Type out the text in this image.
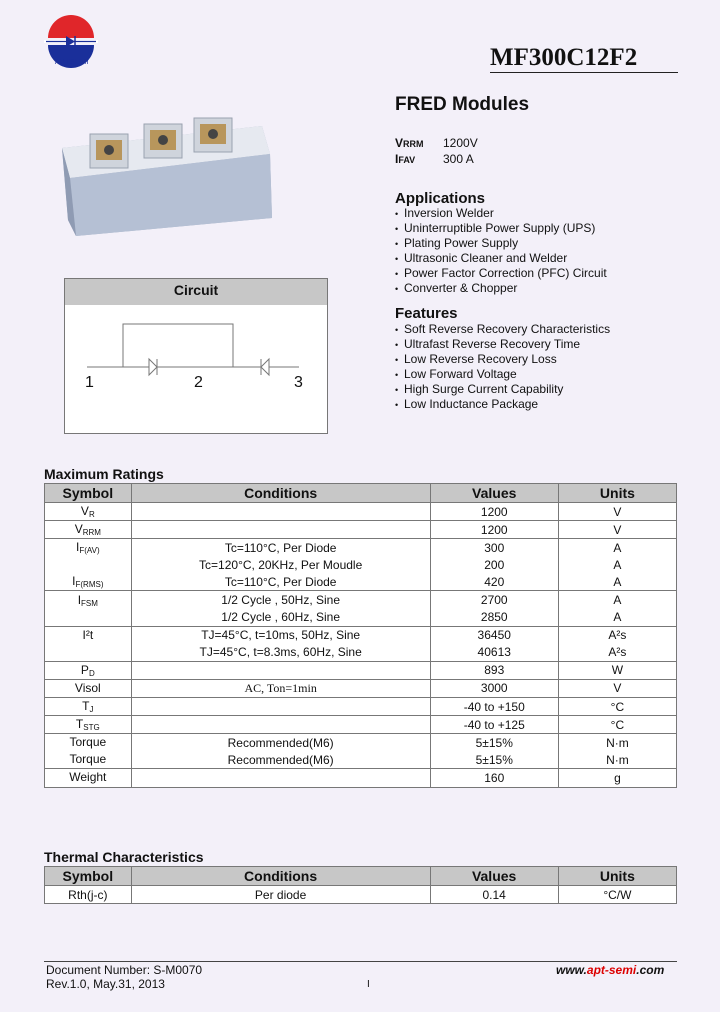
APTSEMI	MF300C12F2
FRED Modules
VRRM 1200V
IFAV 300 A
Applications
• Inversion Welder
• Uninterruptible Power Supply (UPS)
• Plating Power Supply
• Ultrasonic Cleaner and Welder
• Power Factor Correction (PFC) Circuit
• Converter & Chopper
Features
• Soft Reverse Recovery Characteristics
• Ultrafast Reverse Recovery Time
• Low Reverse Recovery Loss
• Low Forward Voltage
• High Surge Current Capability
• Low Inductance Package
Circuit
1	2	3
Maximum Ratings
Symbol	Conditions	Values	Units
$V_R$		1200	V
$V_{RRM}$		1200	V
$I_{F(AV)}$	Tc=110°C, Per Diode	300	A
	Tc=120°C, 20KHz, Per Moudle	200	A
$I_{F(RMS)}$	Tc=110°C, Per Diode	420	A
$I_{FSM}$	1/2 Cycle , 50Hz, Sine	2700	A
	1/2 Cycle , 60Hz, Sine	2850	A
I²t	TJ=45°C, t=10ms, 50Hz, Sine	36450	A²s
	TJ=45°C, t=8.3ms, 60Hz, Sine	40613	A²s
$P_D$		893	W
Visol	AC, Ton=1min	3000	V
$T_J$		-40 to +150	°C
$T_{STG}$		-40 to +125	°C
Torque	Recommended(M6)	5±15%	N·m
Torque	Recommended(M6)	5±15%	N·m
Weight		160	g
Thermal Characteristics
Symbol	Conditions	Values	Units
Rth(j-c)	Per diode	0.14	°C/W
Document Number: S-M0070
Rev.1.0, May.31, 2013	I
www.apt-semi.com
